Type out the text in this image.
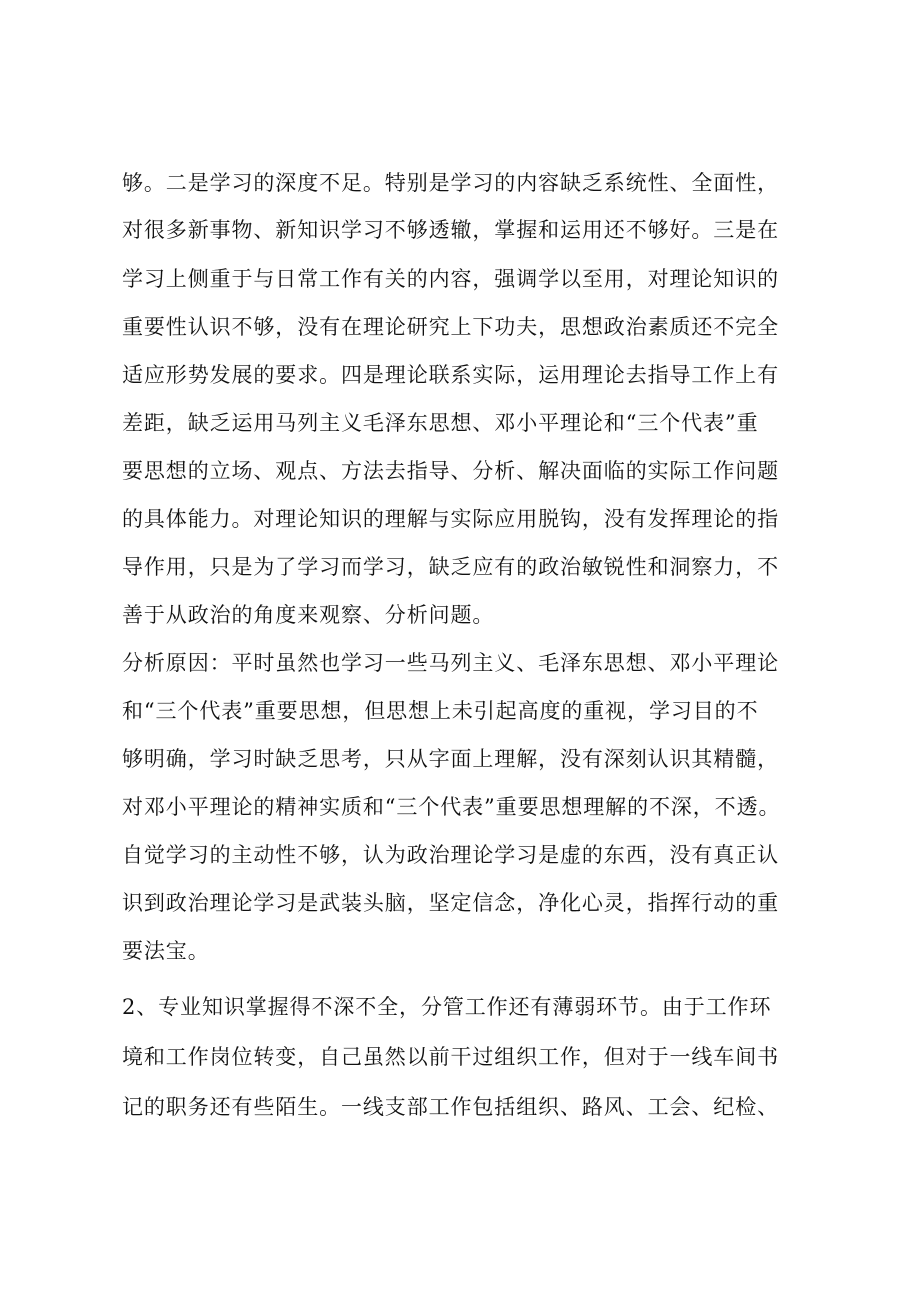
够。二是学习的深度不足。特别是学习的内容缺乏系统性、全面性，
对很多新事物、新知识学习不够透辙，掌握和运用还不够好。三是在
学习上侧重于与日常工作有关的内容，强调学以至用，对理论知识的
重要性认识不够，没有在理论研究上下功夫，思想政治素质还不完全
适应形势发展的要求。四是理论联系实际，运用理论去指导工作上有
差距，缺乏运用马列主义毛泽东思想、邓小平理论和“三个代表”重
要思想的立场、观点、方法去指导、分析、解决面临的实际工作问题
的具体能力。对理论知识的理解与实际应用脱钩，没有发挥理论的指
导作用，只是为了学习而学习，缺乏应有的政治敏锐性和洞察力，不
善于从政治的角度来观察、分析问题。
分析原因：平时虽然也学习一些马列主义、毛泽东思想、邓小平理论
和“三个代表”重要思想，但思想上未引起高度的重视，学习目的不
够明确，学习时缺乏思考，只从字面上理解，没有深刻认识其精髓，
对邓小平理论的精神实质和“三个代表”重要思想理解的不深，不透。
自觉学习的主动性不够，认为政治理论学习是虚的东西，没有真正认
识到政治理论学习是武装头脑，坚定信念，净化心灵，指挥行动的重
要法宝。
2、专业知识掌握得不深不全，分管工作还有薄弱环节。由于工作环
境和工作岗位转变，自己虽然以前干过组织工作，但对于一线车间书
记的职务还有些陌生。一线支部工作包括组织、路风、工会、纪检、
